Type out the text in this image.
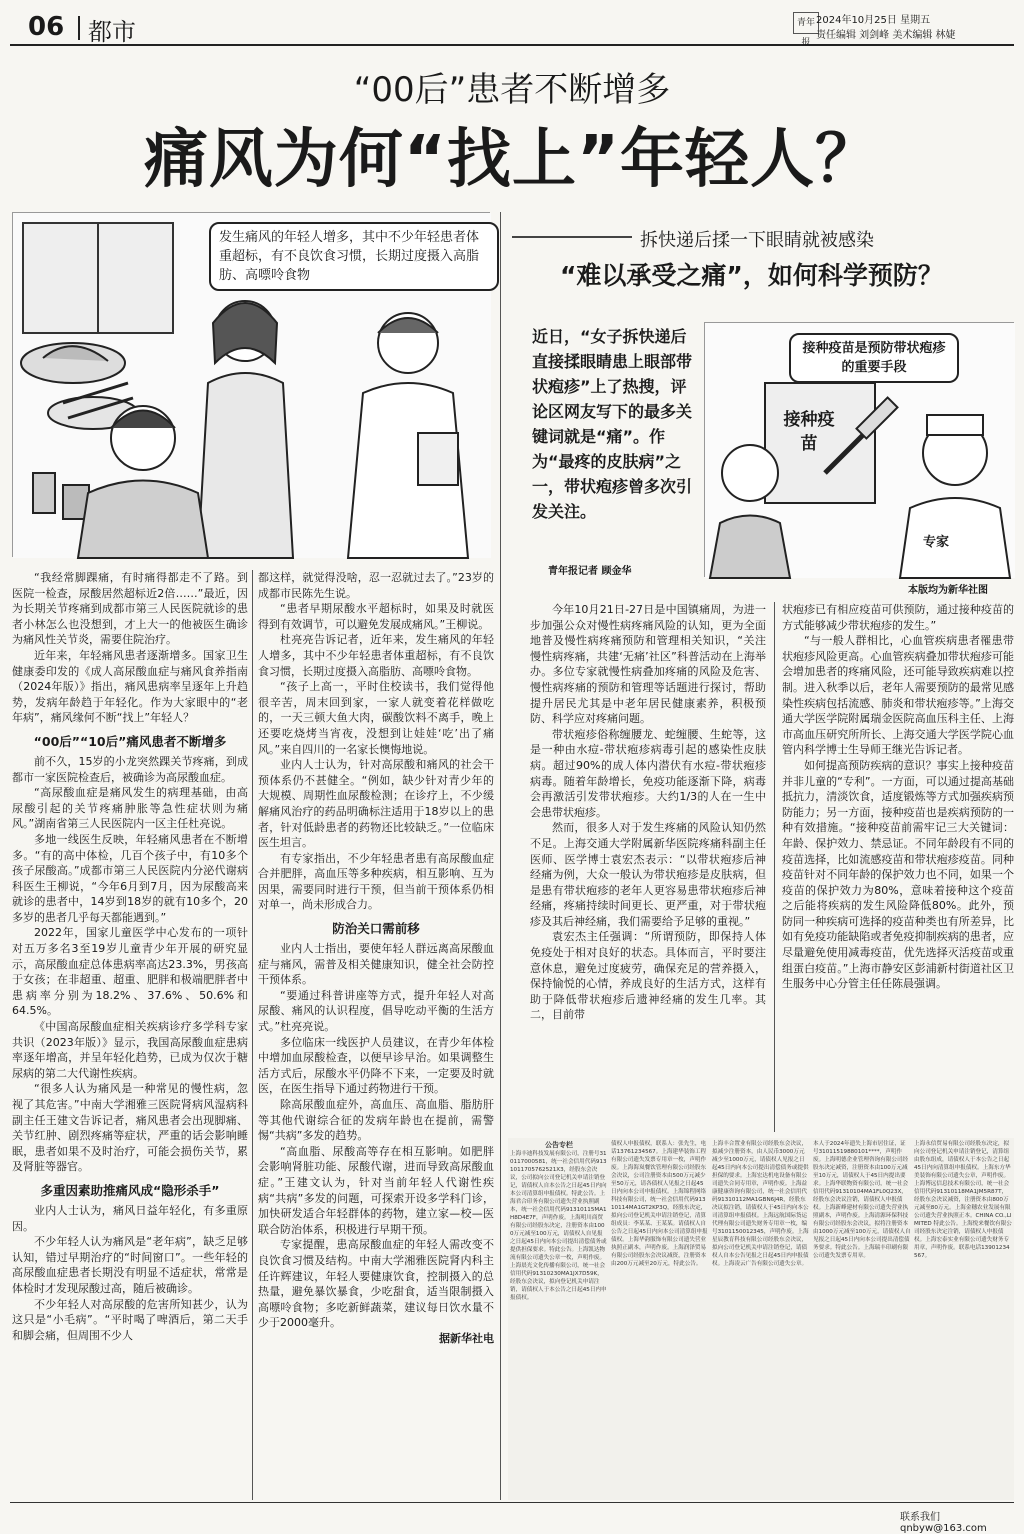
06 都市	青年报
2024年10月25日 星期五
责任编辑 刘剑峰 美术编辑 林婕
“00后”患者不断增多
痛风为何“找上”年轻人？
发生痛风的年轻人增多，其中不少年轻患者体重超标，有不良饮食习惯，长期过度摄入高脂肪、高嘌呤食物
拆快递后揉一下眼睛就被感染
“难以承受之痛”，如何科学预防？
近日，“女子拆快递后直接揉眼睛患上眼部带状疱疹”上了热搜，评论区网友写下的最多关键词就是“痛”。作为“最疼的皮肤病”之一，带状疱疹曾多次引发关注。
青年报记者 顾金华
接种疫苗是预防带状疱疹的重要手段
接种疫苗
专家
本版均为新华社图

“我经常脚踝痛，有时痛得都走不了路。到医院一检查，尿酸居然超标近2倍……”最近，因为长期关节疼痛到成都市第三人民医院就诊的患者小林怎么也没想到，才上大一的他被医生确诊为痛风性关节炎，需要住院治疗。

近年来，年轻痛风患者逐渐增多。国家卫生健康委印发的《成人高尿酸血症与痛风食养指南（2024年版）》指出，痛风患病率呈逐年上升趋势，发病年龄趋于年轻化。作为大家眼中的“老年病”，痛风缘何不断“找上”年轻人？

“00后”“10后”痛风患者不断增多

前不久，15岁的小龙突然踝关节疼痛，到成都市一家医院检查后，被确诊为高尿酸血症。

“高尿酸血症是痛风发生的病理基础，由高尿酸引起的关节疼痛肿胀等急性症状则为痛风。”湖南省第三人民医院内一区主任杜亮说。

多地一线医生反映，年轻痛风患者在不断增多。“有的高中体检，几百个孩子中，有10多个孩子尿酸高。”成都市第三人民医院内分泌代谢病科医生王柳说，“今年6月到7月，因为尿酸高来就诊的患者中，14岁到18岁的就有10多个，20多岁的患者几乎每天都能遇到。”

2022年，国家儿童医学中心发布的一项针对五万多名3至19岁儿童青少年开展的研究显示，高尿酸血症总体患病率高达23.3%，男孩高于女孩；在非超重、超重、肥胖和极端肥胖者中患病率分别为18.2%、37.6%、50.6%和64.5%。

《中国高尿酸血症相关疾病诊疗多学科专家共识（2023年版）》显示，我国高尿酸血症患病率逐年增高，并呈年轻化趋势，已成为仅次于糖尿病的第二大代谢性疾病。

“很多人认为痛风是一种常见的慢性病，忽视了其危害。”中南大学湘雅三医院肾病风湿病科副主任王建文告诉记者，痛风患者会出现脚痛、关节红肿、剧烈疼痛等症状，严重的话会影响睡眠，患者如果不及时治疗，可能会损伤关节，累及肾脏等器官。

多重因素助推痛风成“隐形杀手”

业内人士认为，痛风日益年轻化，有多重原因。

不少年轻人认为痛风是“老年病”，缺乏足够认知，错过早期治疗的“时间窗口”。一些年轻的高尿酸血症患者长期没有明显不适症状，常常是体检时才发现尿酸过高，随后被确诊。

不少年轻人对高尿酸的危害所知甚少，认为这只是“小毛病”。“平时喝了啤酒后，第二天手和脚会痛，但周围不少人

都这样，就觉得没啥，忍一忍就过去了。”23岁的成都市民陈先生说。

“患者早期尿酸水平超标时，如果及时就医得到有效调节，可以避免发展成痛风。”王柳说。

杜亮亮告诉记者，近年来，发生痛风的年轻人增多，其中不少年轻患者体重超标，有不良饮食习惯，长期过度摄入高脂肪、高嘌呤食物。

“孩子上高一，平时住校读书，我们觉得他很辛苦，周末回到家，一家人就变着花样做吃的，一天三顿大鱼大肉，碳酸饮料不离手，晚上还要吃烧烤当宵夜，没想到让娃娃‘吃’出了痛风。”来自四川的一名家长懊悔地说。

业内人士认为，针对高尿酸和痛风的社会干预体系仍不甚健全。“例如，缺少针对青少年的大规模、周期性血尿酸检测；在诊疗上，不少缓解痛风治疗的药品明确标注适用于18岁以上的患者，针对低龄患者的药物还比较缺乏。”一位临床医生坦言。

有专家指出，不少年轻患者患有高尿酸血症合并肥胖，高血压等多种疾病，相互影响、互为因果，需要同时进行干预，但当前干预体系仍相对单一，尚未形成合力。

防治关口需前移

业内人士指出，要使年轻人群远离高尿酸血症与痛风，需普及相关健康知识，健全社会防控干预体系。

“要通过科普讲座等方式，提升年轻人对高尿酸、痛风的认识程度，倡导吃动平衡的生活方式。”杜亮亮说。

多位临床一线医护人员建议，在青少年体检中增加血尿酸检查，以便早诊早治。如果调整生活方式后，尿酸水平仍降不下来，一定要及时就医，在医生指导下通过药物进行干预。

除高尿酸血症外，高血压、高血脂、脂肪肝等其他代谢综合征的发病年龄也在提前，需警惕“共病”多发的趋势。

“高血脂、尿酸高等存在相互影响。如肥胖会影响肾脏功能、尿酸代谢，进而导致高尿酸血症。”王建文认为，针对当前年轻人代谢性疾病“共病”多发的问题，可探索开设多学科门诊，加快研发适合年轻群体的药物，建立家—校—医联合防治体系，积极进行早期干预。

专家提醒，患高尿酸血症的年轻人需改变不良饮食习惯及结构。中南大学湘雅医院肾内科主任许辉建议，年轻人要健康饮食，控制摄入的总热量，避免暴饮暴食，少吃甜食，适当限制摄入高嘌呤食物；多吃新鲜蔬菜，建议每日饮水量不少于2000毫升。

据新华社电

今年10月21日-27日是中国镇痛周，为进一步加强公众对慢性病疼痛风险的认知，更为全面地普及慢性病疼痛预防和管理相关知识，“关注慢性病疼痛，共建‘无痛’社区”科普活动在上海举办。多位专家就慢性病叠加疼痛的风险及危害、慢性病疼痛的预防和管理等话题进行探讨，帮助提升居民尤其是中老年居民健康素养，积极预防、科学应对疼痛问题。

带状疱疹俗称缠腰龙、蛇缠腰、生蛇等，这是一种由水痘-带状疱疹病毒引起的感染性皮肤病。超过90%的成人体内潜伏有水痘-带状疱疹病毒。随着年龄增长，免疫功能逐渐下降，病毒会再激活引发带状疱疹。大约1/3的人在一生中会患带状疱疹。

然而，很多人对于发生疼痛的风险认知仍然不足。上海交通大学附属新华医院疼痛科副主任医师、医学博士袁宏杰表示：“以带状疱疹后神经痛为例，大众一般认为带状疱疹是皮肤病，但是患有带状疱疹的老年人更容易患带状疱疹后神经痛，疼痛持续时间更长、更严重，对于带状疱疹及其后神经痛，我们需要给予足够的重视。”

袁宏杰主任强调：“所谓预防，即保持人体免疫处于相对良好的状态。具体而言，平时要注意休息，避免过度疲劳，确保充足的营养摄入，保持愉悦的心情，养成良好的生活方式，这样有助于降低带状疱疹后遗神经痛的发生几率。其二，目前带

状疱疹已有相应疫苗可供预防，通过接种疫苗的方式能够减少带状疱疹的发生。”

“与一般人群相比，心血管疾病患者罹患带状疱疹风险更高。心血管疾病叠加带状疱疹可能会增加患者的疼痛风险，还可能导致疾病难以控制。进入秋季以后，老年人需要预防的最常见感染性疾病包括流感、肺炎和带状疱疹等。”上海交通大学医学院附属瑞金医院高血压科主任、上海市高血压研究所所长、上海交通大学医学院心血管内科学博士生导师王继光告诉记者。

如何提高预防疾病的意识？事实上接种疫苗并非儿童的“专利”。一方面，可以通过提高基础抵抗力，清淡饮食，适度锻炼等方式加强疾病预防能力；另一方面，接种疫苗也是疾病预防的一种有效措施。“接种疫苗前需牢记三大关键词：年龄、保护效力、禁忌证。不同年龄段有不同的疫苗选择，比如流感疫苗和带状疱疹疫苗。同种疫苗针对不同年龄的保护效力也不同，如果一个疫苗的保护效力为80%，意味着接种这个疫苗之后能将疾病的发生风险降低80%。此外，预防同一种疾病可选择的疫苗种类也有所差异，比如有免疫功能缺陷或者免疫抑制疾病的患者，应尽量避免使用减毒疫苗，优先选择灭活疫苗或重组蛋白疫苗。”上海市静安区彭浦新村街道社区卫生服务中心分管主任任陈晨强调。

公告专栏
上海丰迪科技发展有限公司，注册号310117000581，统一社会信用代码9131011705762521X3，经股东会决议，公司拟向公司登记机关申请注销登记，请债权人自本公告之日起45日内向本公司清算组申报债权。特此公告。上海君合印务有限公司遗失营业执照副本，统一社会信用代码91310115MA1H8D4E7F，声明作废。上海明川商贸有限公司经股东决定，注册资本由1000万元减至100万元，请债权人自见报之日起45日内向本公司提出清偿债务或提供担保要求。特此公告。上海凯达物流有限公司遗失公章一枚，声明作废。上海晨光文化传播有限公司，统一社会信用代码91310230MA1JX7D59K，经股东会决议，拟向登记机关申请注销，请债权人于本公告之日起45日内申报债权。
债权人申报债权，联系人：张先生，电话13761234567。上海建华装饰工程有限公司遗失发票专用章一枚，声明作废。上海海岚餐饮管理有限公司经股东会决议，公司注册资本由500万元减少至50万元，请各债权人见报之日起45日内向本公司申报债权。上海锦程网络科技有限公司，统一社会信用代码91310114MA1GT2KP3Q，经股东决定，拟向公司登记机关申请注销登记，清算组成员：李某某、王某某。请债权人自公告之日起45日内向本公司清算组申报债权。上海华韵服饰有限公司遗失营业执照正副本，声明作废。上海润泽贸易有限公司经股东会决议减资，注册资本由200万元减至20万元，特此公告。
上海丰合置业有限公司经股东会决议，拟减少注册资本，由人民币3000万元减少至1000万元，请债权人见报之日起45日内向本公司提出清偿债务或提供担保的要求。上海宏达机电设备有限公司遗失合同专用章，声明作废。上海益康健康咨询有限公司，统一社会信用代码91310112MA1GBN6J4R，经股东决议拟注销，请债权人于45日内向本公司清算组申报债权。上海远航国际货运代理有限公司遗失财务专用章一枚，编号3101150012345，声明作废。上海星辰教育科技有限公司经股东会决议，拟向公司登记机关申请注销登记，请债权人自本公告见报之日起45日内申报债权。上海凌云广告有限公司遗失公章。
本人于2024年遗失上海市居住证，证号31011519880101****，声明作废。上海明德企业管理咨询有限公司经股东决定减资，注册资本由100万元减至10万元，请债权人于45日内提出要求。上海华联物资有限公司，统一社会信用代码91310104MA1FL0Q23X，经股东会决议注销，请债权人申报债权。上海新峰建材有限公司遗失营业执照副本，声明作废。上海清源环保科技有限公司经股东会决议，拟将注册资本由1000万元减至100万元，请债权人自见报之日起45日内向本公司提出清偿债务要求。特此公告。上海瑞丰印刷有限公司遗失发票专用章。
上海永信贸易有限公司经股东决定，拟向公司登记机关申请注销登记，清算组由股东组成，请债权人于本公告之日起45日内向清算组申报债权。上海东方华美装饰有限公司遗失公章，声明作废。上海博远信息技术有限公司，统一社会信用代码91310118MA1JM5R87T，经股东会决议减资，注册资本由800万元减至80万元。上海金穗农业发展有限公司遗失营业执照正本。CHINA CO.,LIMITED 特此公告。上海悦来餐饮有限公司经股东决定注销，请债权人申报债权。上海宏泰实业有限公司遗失财务专用章，声明作废。联系电话13901234567。
联系我们 qnbyw@163.com
